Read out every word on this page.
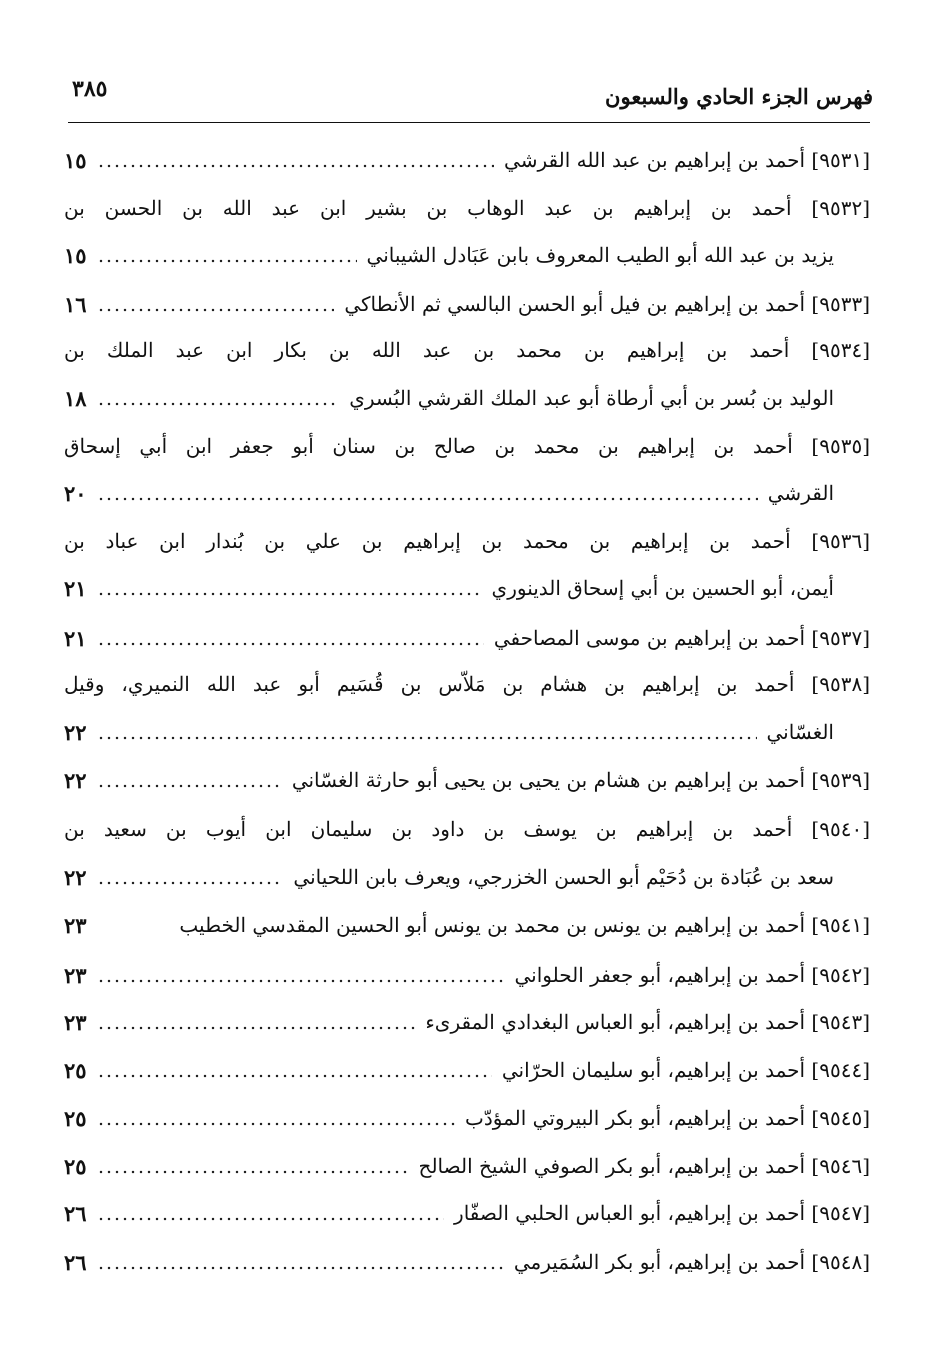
فهرس الجزء الحادي والسبعون
٣٨٥
[٩٥٣١] أحمد بن إبراهيم بن عبد الله القرشي
١٥
[٩٥٣٢] أحمد بن إبراهيم بن عبد الوهاب بن بشير ابن عبد الله بن الحسن بن
يزيد بن عبد الله أبو الطيب المعروف بابن عَبَادل الشيباني
١٥
[٩٥٣٣] أحمد بن إبراهيم بن فيل أبو الحسن البالسي ثم الأنطاكي
١٦
[٩٥٣٤] أحمد بن إبراهيم بن محمد بن عبد الله بن بكار ابن عبد الملك بن
الوليد بن بُسر بن أبي أرطاة أبو عبد الملك القرشي البُسري
١٨
[٩٥٣٥] أحمد بن إبراهيم بن محمد بن صالح بن سنان أبو جعفر ابن أبي إسحاق
القرشي
٢٠
[٩٥٣٦] أحمد بن إبراهيم بن محمد بن إبراهيم بن علي بن بُندار ابن عباد بن
أيمن، أبو الحسين بن أبي إسحاق الدينوري
٢١
[٩٥٣٧] أحمد بن إبراهيم بن موسى المصاحفي
٢١
[٩٥٣٨] أحمد بن إبراهيم بن هشام بن مَلاّس بن قُسَيم أبو عبد الله النميري، وقيل
الغسّاني
٢٢
[٩٥٣٩] أحمد بن إبراهيم بن هشام بن يحيى بن يحيى أبو حارثة الغسّاني
٢٢
[٩٥٤٠] أحمد بن إبراهيم بن يوسف بن داود بن سليمان ابن أيوب بن سعيد بن
سعد بن عُبَادة بن دُحَيْم أبو الحسن الخزرجي، ويعرف بابن اللحياني
٢٢
[٩٥٤١] أحمد بن إبراهيم بن يونس بن محمد بن يونس أبو الحسين المقدسي الخطيب
٢٣
[٩٥٤٢] أحمد بن إبراهيم، أبو جعفر الحلواني
٢٣
[٩٥٤٣] أحمد بن إبراهيم، أبو العباس البغدادي المقرىء
٢٣
[٩٥٤٤] أحمد بن إبراهيم، أبو سليمان الحرّاني
٢٥
[٩٥٤٥] أحمد بن إبراهيم، أبو بكر البيروتي المؤدّب
٢٥
[٩٥٤٦] أحمد بن إبراهيم، أبو بكر الصوفي الشيخ الصالح
٢٥
[٩٥٤٧] أحمد بن إبراهيم، أبو العباس الحلبي الصفّار
٢٦
[٩٥٤٨] أحمد بن إبراهيم، أبو بكر السُمَيرمي
٢٦
